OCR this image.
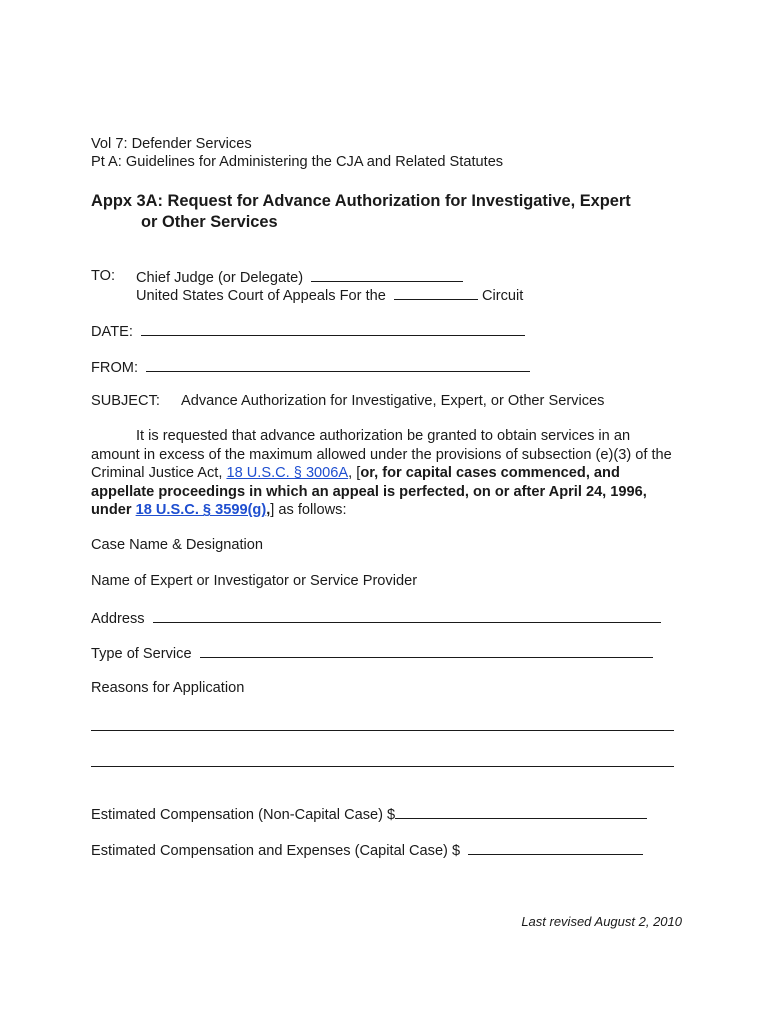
Vol 7: Defender Services
Pt A: Guidelines for Administering the CJA and Related Statutes
Appx 3A: Request for Advance Authorization for Investigative, Expert
or Other Services
TO: Chief Judge (or Delegate)
United States Court of Appeals For the	Circuit
DATE:
FROM:
SUBJECT: Advance Authorization for Investigative, Expert, or Other Services
It is requested that advance authorization be granted to obtain services in an amount in excess of the maximum allowed under the provisions of subsection (e)(3) of the Criminal Justice Act, 18 U.S.C. § 3006A, [or, for capital cases commenced, and appellate proceedings in which an appeal is perfected, on or after April 24, 1996, under 18 U.S.C. § 3599(g),] as follows:
Case Name & Designation
Name of Expert or Investigator or Service Provider
Address
Type of Service
Reasons for Application
Estimated Compensation (Non-Capital Case) $
Estimated Compensation and Expenses (Capital Case) $
Last revised August 2, 2010
